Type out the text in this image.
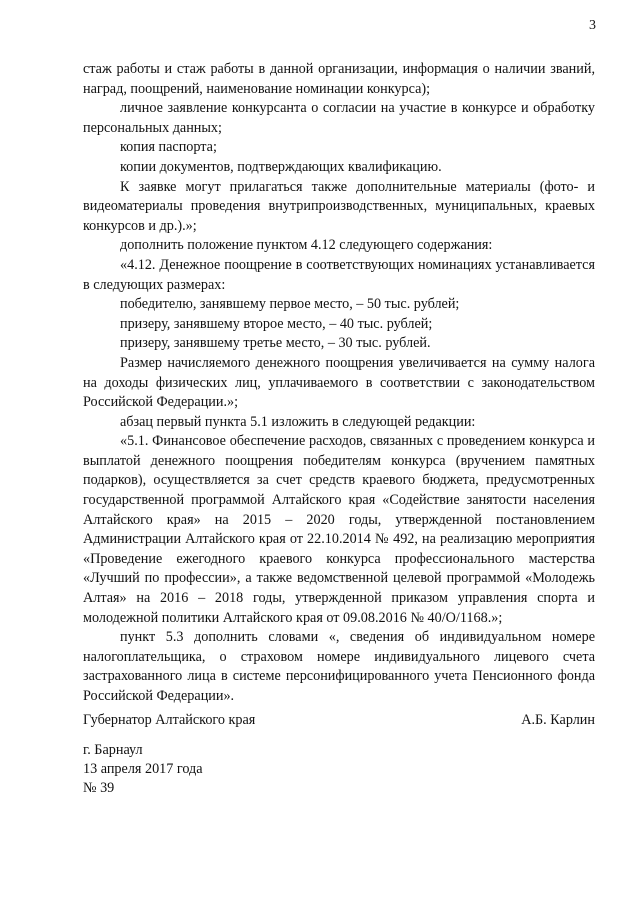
3

стаж работы и стаж работы в данной организации, информация о наличии званий, наград, поощрений, наименование номинации конкурса);

личное заявление конкурсанта о согласии на участие в конкурсе и обработку персональных данных;

копия паспорта;

копии документов, подтверждающих квалификацию.

К заявке могут прилагаться также дополнительные материалы (фото- и видеоматериалы проведения внутрипроизводственных, муниципальных, краевых конкурсов и др.).»;

дополнить положение пунктом 4.12 следующего содержания:

«4.12. Денежное поощрение в соответствующих номинациях устанавливается в следующих размерах:

победителю, занявшему первое место, – 50 тыс. рублей;

призеру, занявшему второе место, – 40 тыс. рублей;

призеру, занявшему третье место, – 30 тыс. рублей.

Размер начисляемого денежного поощрения увеличивается на сумму налога на доходы физических лиц, уплачиваемого в соответствии с законодательством Российской Федерации.»;

абзац первый пункта 5.1 изложить в следующей редакции:

«5.1. Финансовое обеспечение расходов, связанных с проведением конкурса и выплатой денежного поощрения победителям конкурса (вручением памятных подарков), осуществляется за счет средств краевого бюджета, предусмотренных государственной программой Алтайского края «Содействие занятости населения Алтайского края» на 2015 – 2020 годы, утвержденной постановлением Администрации Алтайского края от 22.10.2014 № 492, на реализацию мероприятия «Проведение ежегодного краевого конкурса профессионального мастерства «Лучший по профессии», а также ведомственной целевой программой «Молодежь Алтая» на 2016 – 2018 годы, утвержденной приказом управления спорта и молодежной политики Алтайского края от 09.08.2016 № 40/О/1168.»;

пункт 5.3 дополнить словами «, сведения об индивидуальном номере налогоплательщика, о страховом номере индивидуального лицевого счета застрахованного лица в системе персонифицированного учета Пенсионного фонда Российской Федерации».

Губернатор Алтайского края	А.Б. Карлин
г. Барнаул
13 апреля 2017 года
№ 39
